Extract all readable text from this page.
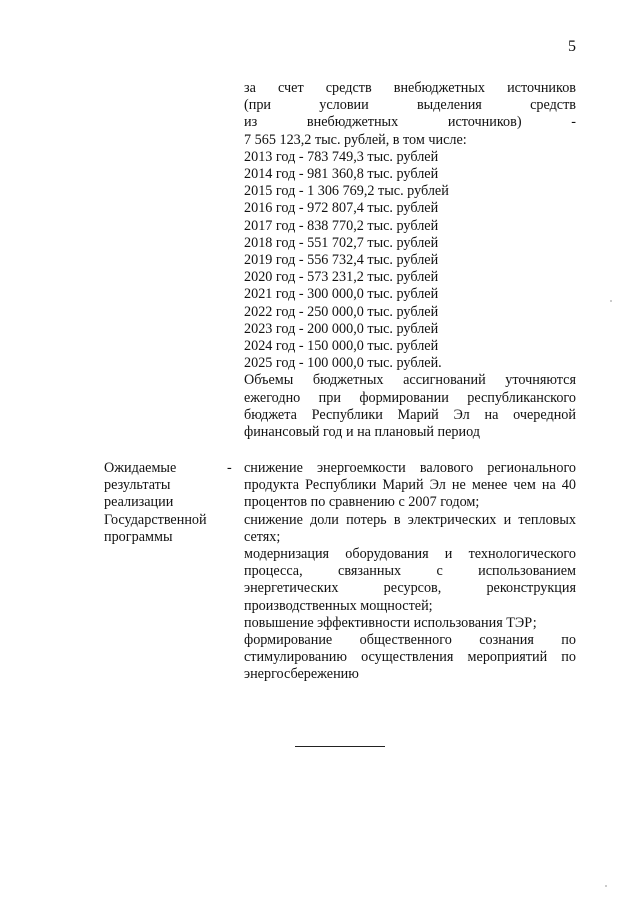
5
за счет средств внебюджетных источников
(при условии выделения средств
из внебюджетных источников) -
7 565 123,2 тыс. рублей, в том числе:
2013 год - 783 749,3 тыс. рублей
2014 год - 981 360,8 тыс. рублей
2015 год - 1 306 769,2 тыс. рублей
2016 год - 972 807,4 тыс. рублей
2017 год - 838 770,2 тыс. рублей
2018 год - 551 702,7 тыс. рублей
2019 год - 556 732,4 тыс. рублей
2020 год - 573 231,2 тыс. рублей
2021 год - 300 000,0 тыс. рублей
2022 год - 250 000,0 тыс. рублей
2023 год - 200 000,0 тыс. рублей
2024 год - 150 000,0 тыс. рублей
2025 год - 100 000,0 тыс. рублей.
Объемы бюджетных ассигнований уточняются ежегодно при формировании республиканского бюджета Республики Марий Эл на очередной финансовый год и на плановый период
Ожидаемые
результаты
реализации
Государственной
программы
- снижение энергоемкости валового регионального продукта Республики Марий Эл не менее чем на 40 процентов по сравнению с 2007 годом;
снижение доли потерь в электрических и тепловых сетях;
модернизация оборудования и технологического процесса, связанных с использованием энергетических ресурсов, реконструкция производственных мощностей;
повышение эффективности использования ТЭР;
формирование общественного сознания по стимулированию осуществления мероприятий по энергосбережению
